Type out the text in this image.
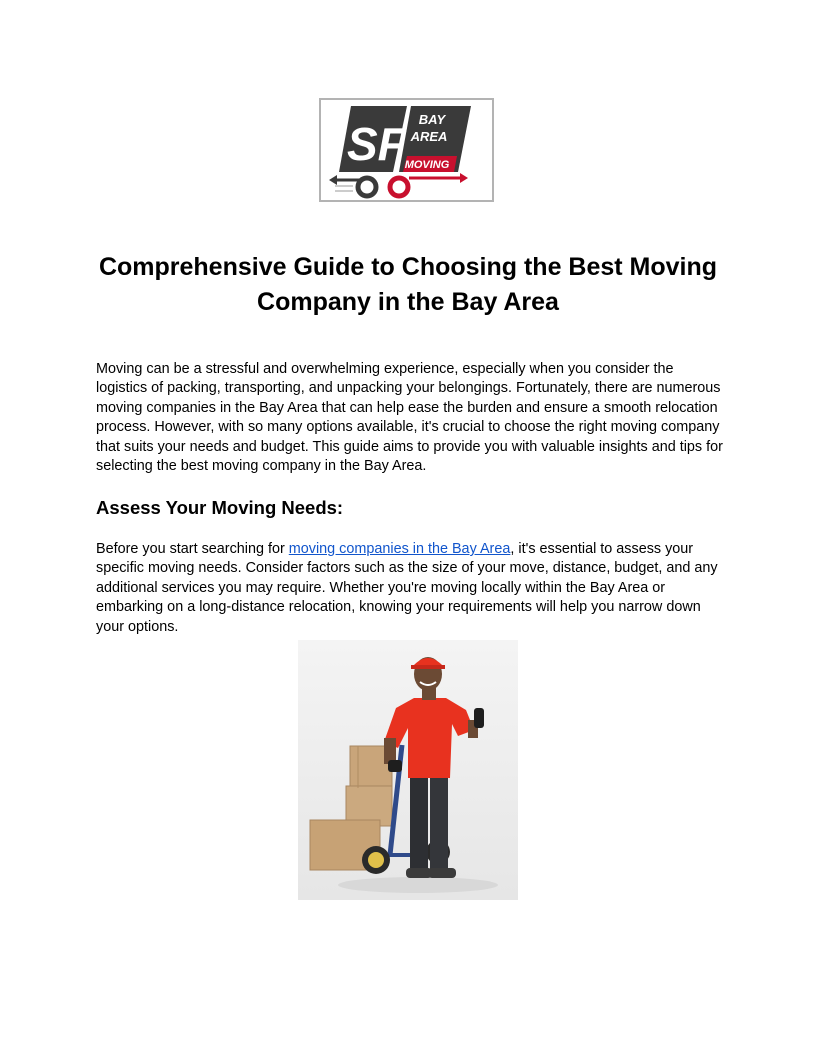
SF BAY
AREA
MOVING
Comprehensive Guide to Choosing the Best Moving Company in the Bay Area

Moving can be a stressful and overwhelming experience, especially when you consider the logistics of packing, transporting, and unpacking your belongings. Fortunately, there are numerous moving companies in the Bay Area that can help ease the burden and ensure a smooth relocation process. However, with so many options available, it's crucial to choose the right moving company that suits your needs and budget. This guide aims to provide you with valuable insights and tips for selecting the best moving company in the Bay Area.

Assess Your Moving Needs:

Before you start searching for moving companies in the Bay Area, it's essential to assess your specific moving needs. Consider factors such as the size of your move, distance, budget, and any additional services you may require. Whether you're moving locally within the Bay Area or embarking on a long-distance relocation, knowing your requirements will help you narrow down your options.
